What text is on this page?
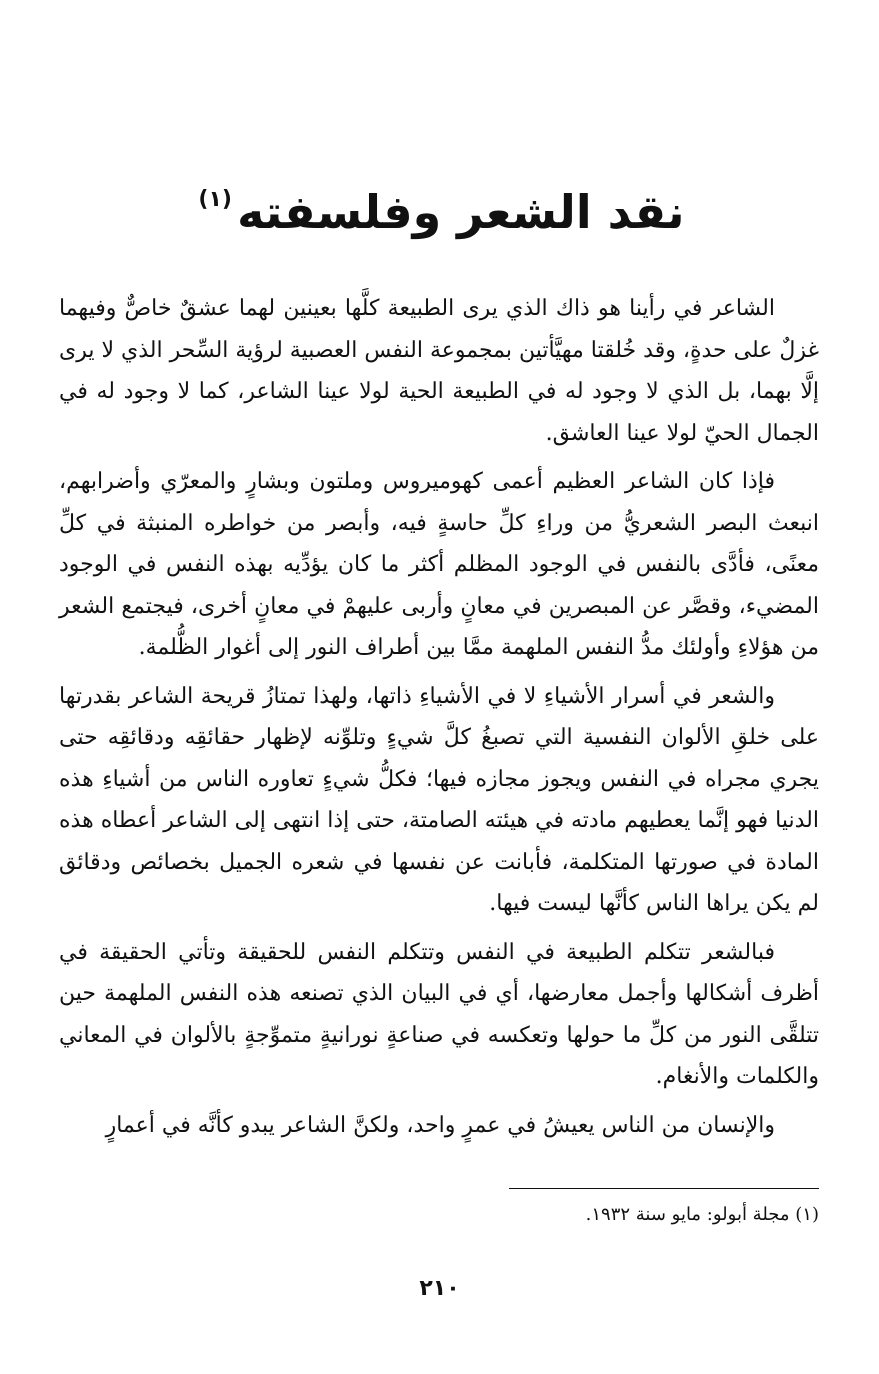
نقد الشعر وفلسفته (١)

الشاعر في رأينا هو ذاك الذي يرى الطبيعة كلَّها بعينين لهما عشقٌ خاصٌّ وفيهما غزلٌ على حدةٍ، وقد خُلقتا مهيَّأتين بمجموعة النفس العصبية لرؤية السِّحر الذي لا يرى إلَّا بهما، بل الذي لا وجود له في الطبيعة الحية لولا عينا الشاعر، كما لا وجود له في الجمال الحيّ لولا عينا العاشق.

فإذا كان الشاعر العظيم أعمى كهوميروس وملتون وبشارٍ والمعرّي وأضرابهم، انبعث البصر الشعريُّ من وراءِ كلِّ حاسةٍ فيه، وأبصر من خواطره المنبثة في كلِّ معنًى، فأدَّى بالنفس في الوجود المظلم أكثر ما كان يؤدِّيه بهذه النفس في الوجود المضيء، وقصَّر عن المبصرين في معانٍ وأربى عليهمْ في معانٍ أخرى، فيجتمع الشعر من هؤلاءِ وأولئك مدُّ النفس الملهمة ممَّا بين أطراف النور إلى أغوار الظُّلمة.

والشعر في أسرار الأشياءِ لا في الأشياءِ ذاتها، ولهذا تمتازُ قريحة الشاعر بقدرتها على خلقِ الألوان النفسية التي تصبغُ كلَّ شيءٍ وتلوِّنه لإظهار حقائقِه ودقائقِه حتى يجري مجراه في النفس ويجوز مجازه فيها؛ فكلُّ شيءٍ تعاوره الناس من أشياءِ هذه الدنيا فهو إنَّما يعطيهم مادته في هيئته الصامتة، حتى إذا انتهى إلى الشاعر أعطاه هذه المادة في صورتها المتكلمة، فأبانت عن نفسها في شعره الجميل بخصائص ودقائق لم يكن يراها الناس كأنَّها ليست فيها.

فبالشعر تتكلم الطبيعة في النفس وتتكلم النفس للحقيقة وتأتي الحقيقة في أظرف أشكالها وأجمل معارضها، أي في البيان الذي تصنعه هذه النفس الملهمة حين تتلقَّى النور من كلِّ ما حولها وتعكسه في صناعةٍ نورانيةٍ متموِّجةٍ بالألوان في المعاني والكلمات والأنغام.

والإنسان من الناس يعيشُ في عمرٍ واحد، ولكنَّ الشاعر يبدو كأنَّه في أعمارٍ

(١) مجلة أبولو: مايو سنة ١٩٣٢.
٢١٠
